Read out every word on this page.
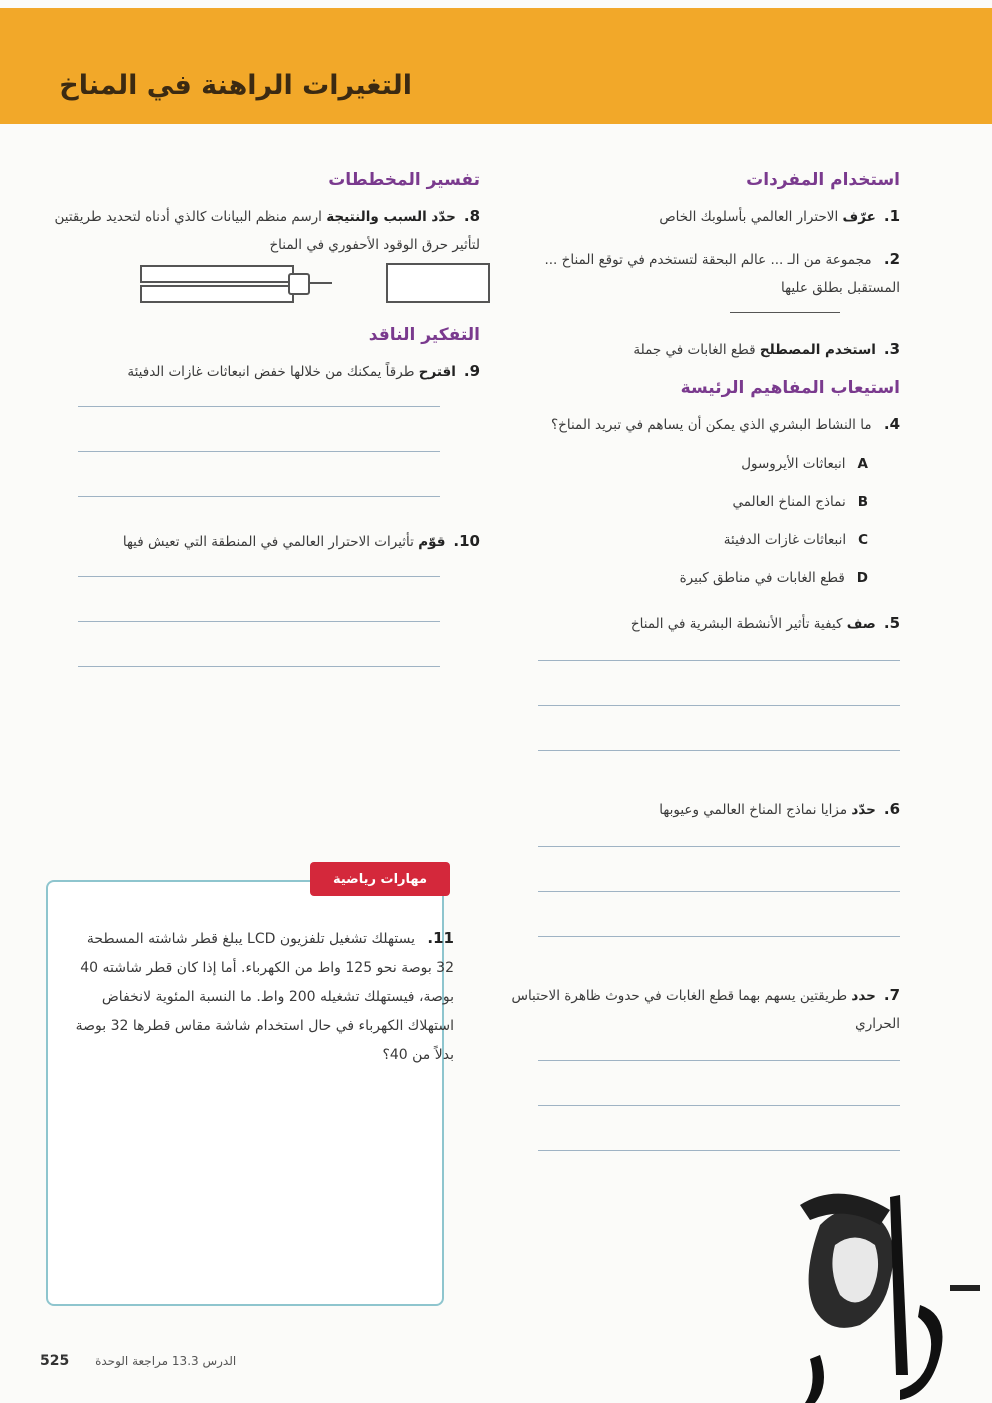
التغيرات الراهنة في المناخ
استخدام المفردات
1.عرّف الاحترار العالمي بأسلوبك الخاص
2. مجموعة من الـ ... عالم البحقة لتستخدم في توقع المناخ ... المستقبل بطلق عليها
3.استخدم المصطلح قطع الغابات في جملة
استيعاب المفاهيم الرئيسة
4. ما النشاط البشري الذي يمكن أن يساهم في تبريد المناخ؟
Aانبعاثات الأيروسول
Bنماذج المناخ العالمي
Cانبعاثات غازات الدفيئة
Dقطع الغابات في مناطق كبيرة
5.صف كيفية تأثير الأنشطة البشرية في المناخ
6.حدّد مزايا نماذج المناخ العالمي وعيوبها
7.حدد طريقتين يسهم بهما قطع الغابات في حدوث ظاهرة الاحتباس الحراري
تفسير المخططات
8.حدّد السبب والنتيجة ارسم منظم البيانات كالذي أدناه لتحديد طريقتين لتأثير حرق الوقود الأحفوري في المناخ
التفكير الناقد
9.اقترح طرقاً يمكنك من خلالها خفض انبعاثات غازات الدفيئة
10.قوّم تأثيرات الاحترار العالمي في المنطقة التي تعيش فيها
مهارات رياضية
11. يستهلك تشغيل تلفزيون LCD يبلغ قطر شاشته المسطحة 32 بوصة نحو 125 واط من الكهرباء. أما إذا كان قطر شاشته 40 بوصة، فيستهلك تشغيله 200 واط. ما النسبة المئوية لانخفاض استهلاك الكهرباء في حال استخدام شاشة مقاس قطرها 32 بوصة بدلاً من 40؟
525 الدرس 13.3 مراجعة الوحدة
